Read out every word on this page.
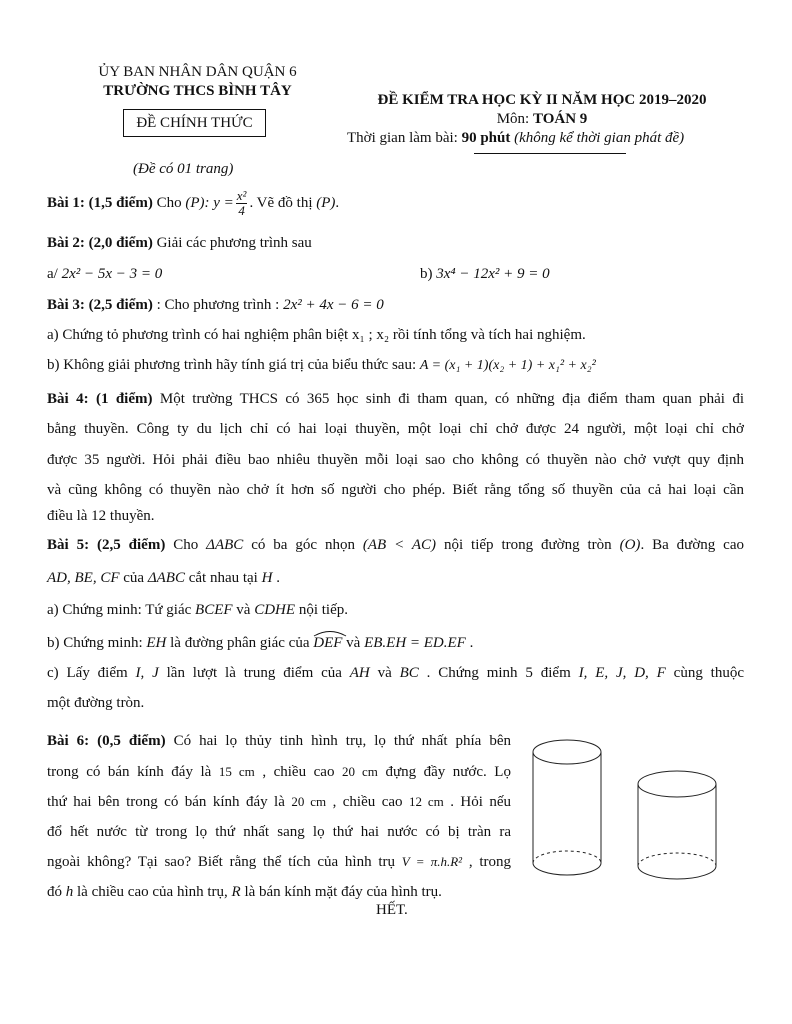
ỦY BAN NHÂN DÂN QUẬN 6
TRƯỜNG THCS BÌNH TÂY
ĐỀ CHÍNH THỨC
(Đề có 01 trang)
ĐỀ KIỂM TRA HỌC KỲ II NĂM HỌC 2019–2020
Môn: TOÁN 9
Thời gian làm bài: 90 phút (không kể thời gian phát đề)
Bài 1: (1,5 điểm) Cho (P): $y = \frac{\text{x²}}{4}$ . Vẽ đồ thị (P).
Bài 2: (2,0 điểm) Giải các phương trình sau
a/ 2x² − 5x − 3 = 0	b) 3x⁴ − 12x² + 9 = 0
Bài 3: (2,5 điểm) : Cho phương trình : 2x² + 4x − 6 = 0
a) Chứng tỏ phương trình có hai nghiệm phân biệt x₁ ; x₂ rồi tính tổng và tích hai nghiệm.
b) Không giải phương trình hãy tính giá trị của biểu thức sau: A = (x₁ + 1)(x₂ + 1) + x₁² + x₂²
Bài 4: (1 điểm) Một trường THCS có 365 học sinh đi tham quan, có những địa điểm tham quan phải đi
bằng thuyền. Công ty du lịch chỉ có hai loại thuyền, một loại chỉ chở được 24 người, một loại chỉ chở
được 35 người. Hỏi phải điều bao nhiêu thuyền mỗi loại sao cho không có thuyền nào chở vượt quy định
và cũng không có thuyền nào chở ít hơn số người cho phép. Biết rằng tổng số thuyền của cả hai loại cần
điều là 12 thuyền.
Bài 5: (2,5 điểm) Cho ΔABC có ba góc nhọn (AB < AC) nội tiếp trong đường tròn (O). Ba đường cao
AD, BE, CF của ΔABC cắt nhau tại H .
a) Chứng minh: Tứ giác BCEF và CDHE nội tiếp.
b) Chứng minh: EH là đường phân giác của DEF
và EB.EH = ED.EF .
c) Lấy điểm I, J lần lượt là trung điểm của AH và BC . Chứng minh 5 điểm I, E, J, D, F cùng thuộc
một đường tròn.
Bài 6: (0,5 điểm) Có hai lọ thủy tinh hình trụ, lọ thứ nhất phía bên
trong có bán kính đáy là 15 cm , chiều cao 20 cm đựng đầy nước. Lọ
thứ hai bên trong có bán kính đáy là 20 cm , chiều cao 12 cm . Hỏi nếu
đổ hết nước từ trong lọ thứ nhất sang lọ thứ hai nước có bị tràn ra
ngoài không? Tại sao? Biết rằng thể tích của hình trụ V = π.h.R² , trong
đó h là chiều cao của hình trụ, R là bán kính mặt đáy của hình trụ.
HẾT.
